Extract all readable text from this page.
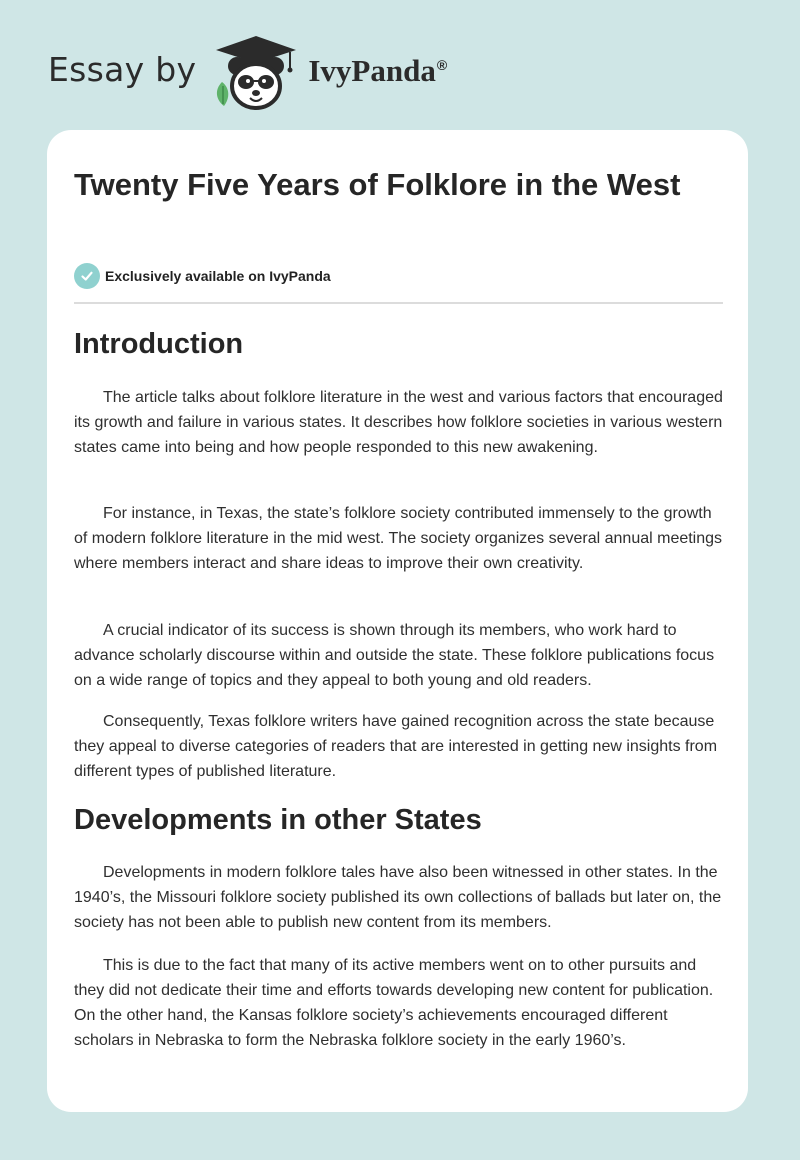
Essay by	IvyPanda®
Twenty Five Years of Folklore in the West
Exclusively available on IvyPanda
Introduction

The article talks about folklore literature in the west and various factors that encouraged its growth and failure in various states. It describes how folklore societies in various western states came into being and how people responded to this new awakening.

For instance, in Texas, the state’s folklore society contributed immensely to the growth of modern folklore literature in the mid west. The society organizes several annual meetings where members interact and share ideas to improve their own creativity.

A crucial indicator of its success is shown through its members, who work hard to advance scholarly discourse within and outside the state. These folklore publications focus on a wide range of topics and they appeal to both young and old readers.

Consequently, Texas folklore writers have gained recognition across the state because they appeal to diverse categories of readers that are interested in getting new insights from different types of published literature.

Developments in other States

Developments in modern folklore tales have also been witnessed in other states. In the 1940’s, the Missouri folklore society published its own collections of ballads but later on, the society has not been able to publish new content from its members.

This is due to the fact that many of its active members went on to other pursuits and they did not dedicate their time and efforts towards developing new content for publication. On the other hand, the Kansas folklore society’s achievements encouraged different scholars in Nebraska to form the Nebraska folklore society in the early 1960’s.
